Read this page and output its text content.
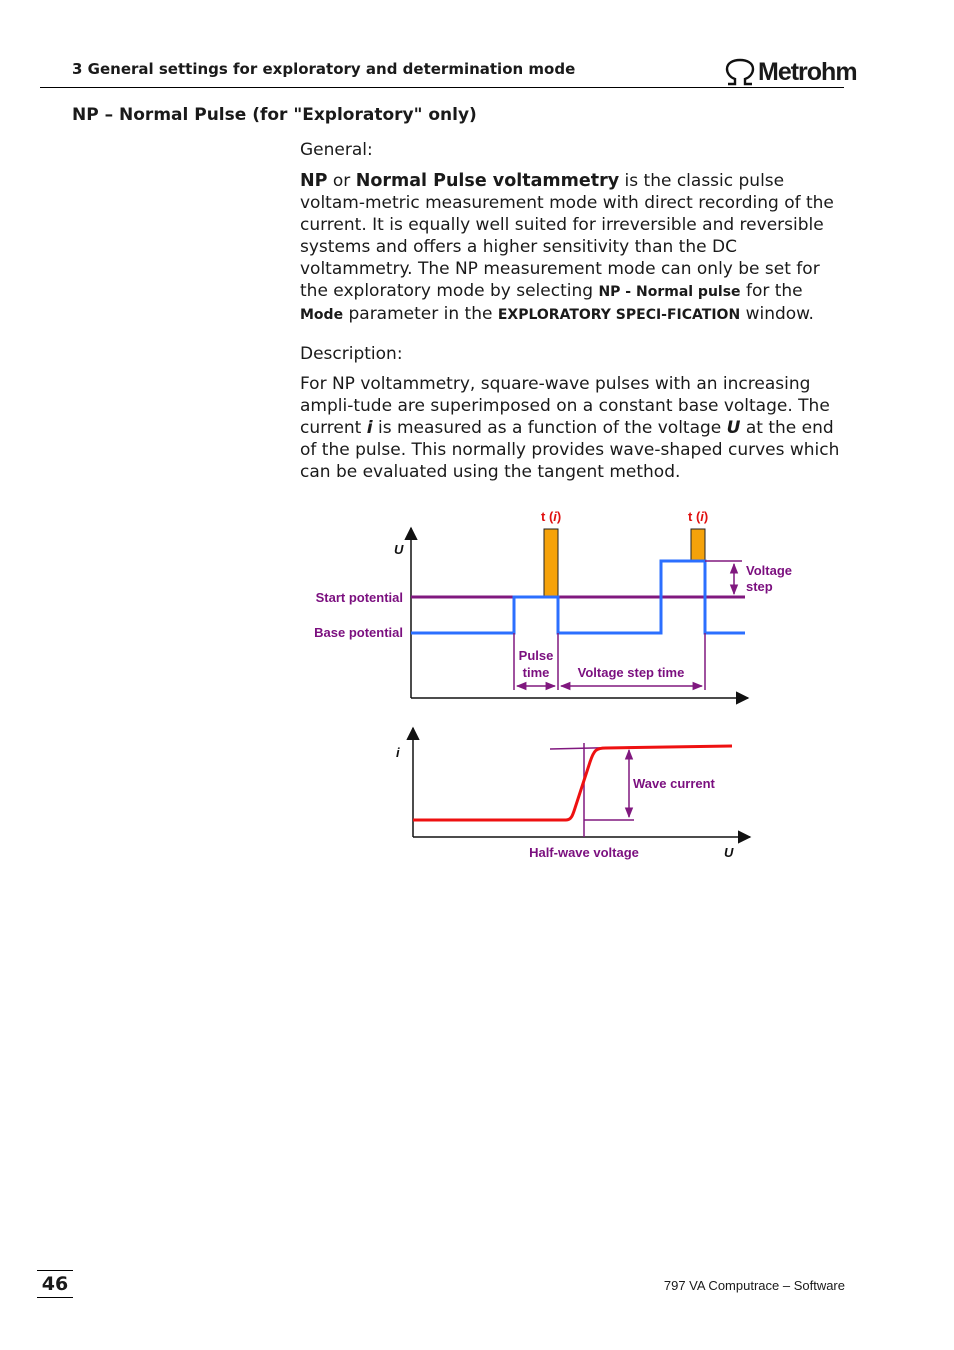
3 General settings for exploratory and determination mode	Metrohm
NP – Normal Pulse (for "Exploratory" only)
General:
NP or Normal Pulse voltammetry is the classic pulse voltam-metric measurement mode with direct recording of the current. It is equally well suited for irreversible and reversible systems and offers a higher sensitivity than the DC voltammetry. The NP measurement mode can only be set for the exploratory mode by selecting NP - Normal pulse for the Mode parameter in the EXPLORATORY SPECI-FICATION window.
Description:
For NP voltammetry, square-wave pulses with an increasing ampli-tude are superimposed on a constant base voltage. The current i is measured as a function of the voltage U at the end of the pulse. This normally provides wave-shaped curves which can be evaluated using the tangent method.
U
t (i)	t (i)
Start potential
Base potential
Voltage
step
Pulse
time Voltage step time
i
Wave current
Half-wave voltage	U
46	797 VA Computrace – Software
